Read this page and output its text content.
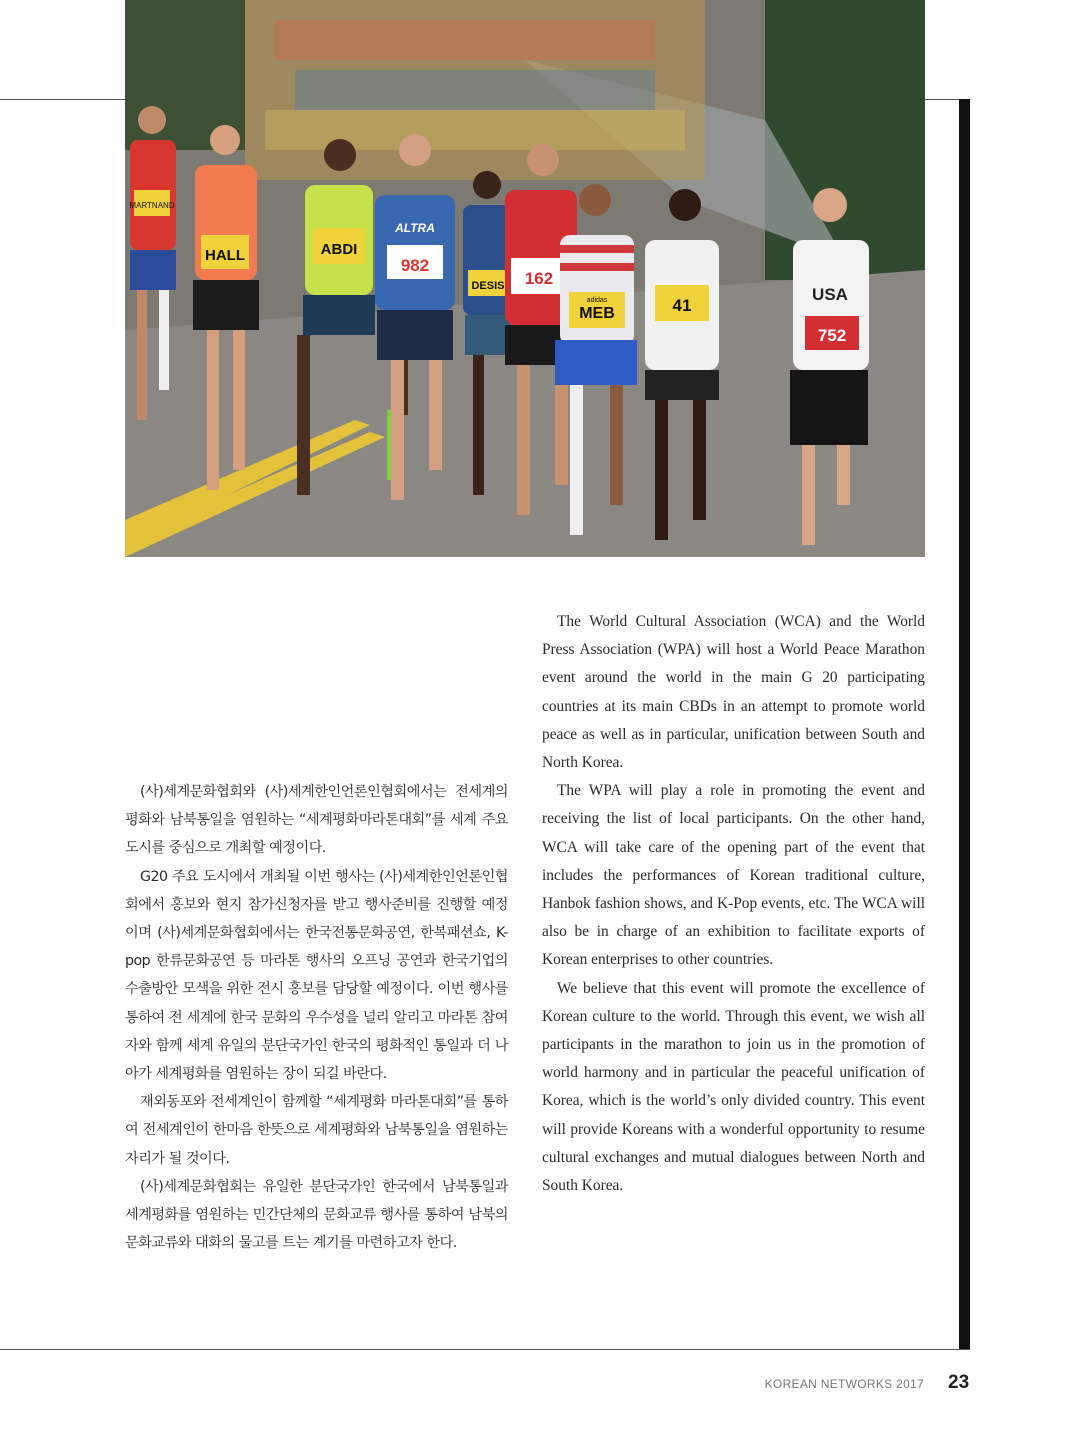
MARTNAND
HALL	ABDI
ALTRA
982
DESIS 162
MEB
adidas	41
USA
752

(사)세계문화협회와 (사)세계한인언론인협회에서는 전세계의 평화와 남북통일을 염원하는 “세계평화마라톤대회”를 세계 주요 도시를 중심으로 개최할 예정이다.

G20 주요 도시에서 개최될 이번 행사는 (사)세계한인언론인협회에서 홍보와 현지 참가신청자를 받고 행사준비를 진행할 예정이며 (사)세계문화협회에서는 한국전통문화공연, 한복패션쇼, K-pop 한류문화공연 등 마라톤 행사의 오프닝 공연과 한국기업의 수출방안 모색을 위한 전시 홍보를 담당할 예정이다. 이번 행사를 통하여 전 세계에 한국 문화의 우수성을 널리 알리고 마라톤 참여자와 함께 세계 유일의 분단국가인 한국의 평화적인 통일과 더 나아가 세계평화를 염원하는 장이 되길 바란다.

재외동포와 전세계인이 함께할 “세계평화 마라톤대회”를 통하여 전세계인이 한마음 한뜻으로 세계평화와 남북통일을 염원하는 자리가 될 것이다.

(사)세계문화협회는 유일한 분단국가인 한국에서 남북통일과 세계평화를 염원하는 민간단체의 문화교류 행사를 통하여 남북의 문화교류와 대화의 물고를 트는 계기를 마련하고자 한다.

The World Cultural Association (WCA) and the World Press Association (WPA) will host a World Peace Marathon event around the world in the main G 20 participating countries at its main CBDs in an attempt to promote world peace as well as in particular, unification between South and North Korea.

The WPA will play a role in promoting the event and receiving the list of local participants. On the other hand, WCA will take care of the opening part of the event that includes the performances of Korean traditional culture, Hanbok fashion shows, and K-Pop events, etc. The WCA will also be in charge of an exhibition to facilitate exports of Korean enterprises to other countries.

We believe that this event will promote the excellence of Korean culture to the world. Through this event, we wish all participants in the marathon to join us in the promotion of world harmony and in particular the peaceful unification of Korea, which is the world’s only divided country. This event will provide Koreans with a wonderful opportunity to resume cultural exchanges and mutual dialogues between North and South Korea.

KOREAN NETWORKS 2017 23
